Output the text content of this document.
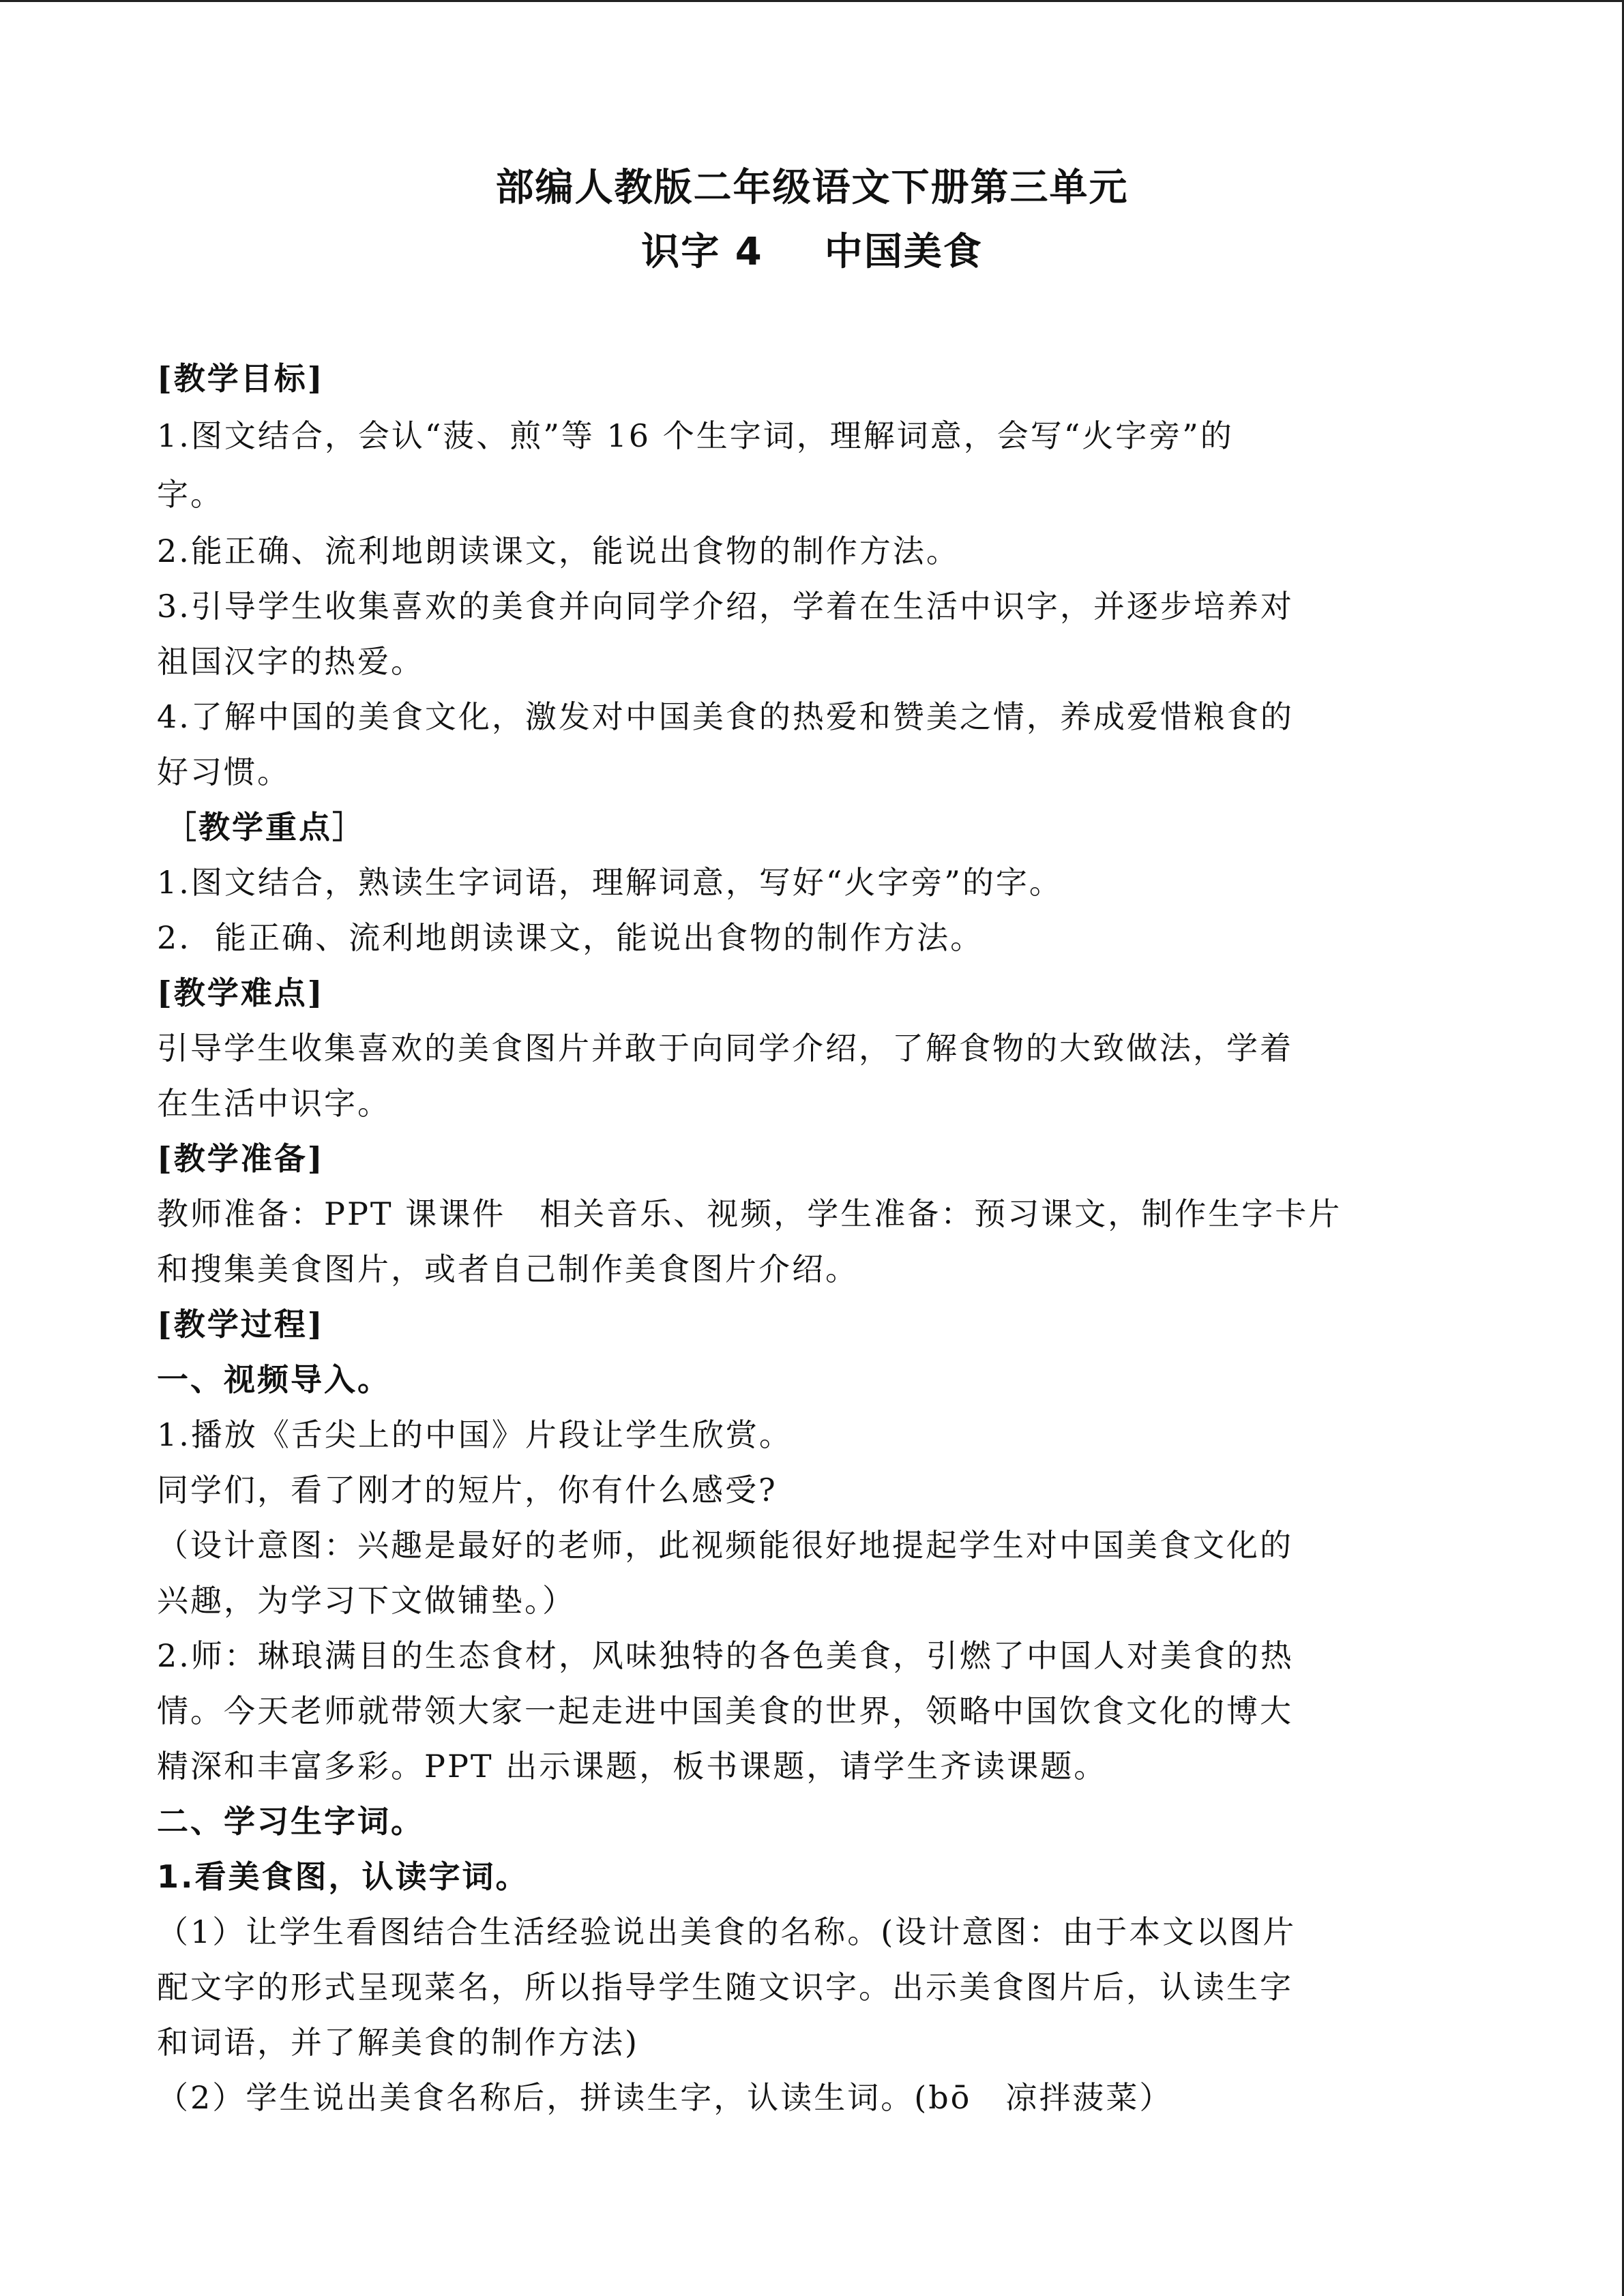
部编人教版二年级语文下册第三单元
识字 4 中国美食
[教学目标]
1.图文结合，会认“菠、煎”等 16 个生字词，理解词意，会写“火字旁”的
字。
2.能正确、流利地朗读课文，能说出食物的制作方法。
3.引导学生收集喜欢的美食并向同学介绍，学着在生活中识字，并逐步培养对
祖国汉字的热爱。
4.了解中国的美食文化，激发对中国美食的热爱和赞美之情，养成爱惜粮食的
好习惯。
［教学重点］
1.图文结合，熟读生字词语，理解词意，写好“火字旁”的字。
2.  能正确、流利地朗读课文，能说出食物的制作方法。
[教学难点]
引导学生收集喜欢的美食图片并敢于向同学介绍，了解食物的大致做法，学着
在生活中识字。
[教学准备]
教师准备：PPT 课课件 相关音乐、视频，学生准备：预习课文，制作生字卡片
和搜集美食图片，或者自己制作美食图片介绍。
[教学过程]
一、视频导入。
1.播放《舌尖上的中国》片段让学生欣赏。
同学们，看了刚才的短片，你有什么感受?
（设计意图：兴趣是最好的老师，此视频能很好地提起学生对中国美食文化的
兴趣，为学习下文做铺垫。）
2.师：琳琅满目的生态食材，风味独特的各色美食，引燃了中国人对美食的热
情。今天老师就带领大家一起走进中国美食的世界，领略中国饮食文化的博大
精深和丰富多彩。PPT 出示课题，板书课题，请学生齐读课题。
二、学习生字词。
1.看美食图，认读字词。
（1）让学生看图结合生活经验说出美食的名称。(设计意图：由于本文以图片
配文字的形式呈现菜名，所以指导学生随文识字。出示美食图片后，认读生字
和词语，并了解美食的制作方法)
（2）学生说出美食名称后，拼读生字，认读生词。(bō 凉拌菠菜）
